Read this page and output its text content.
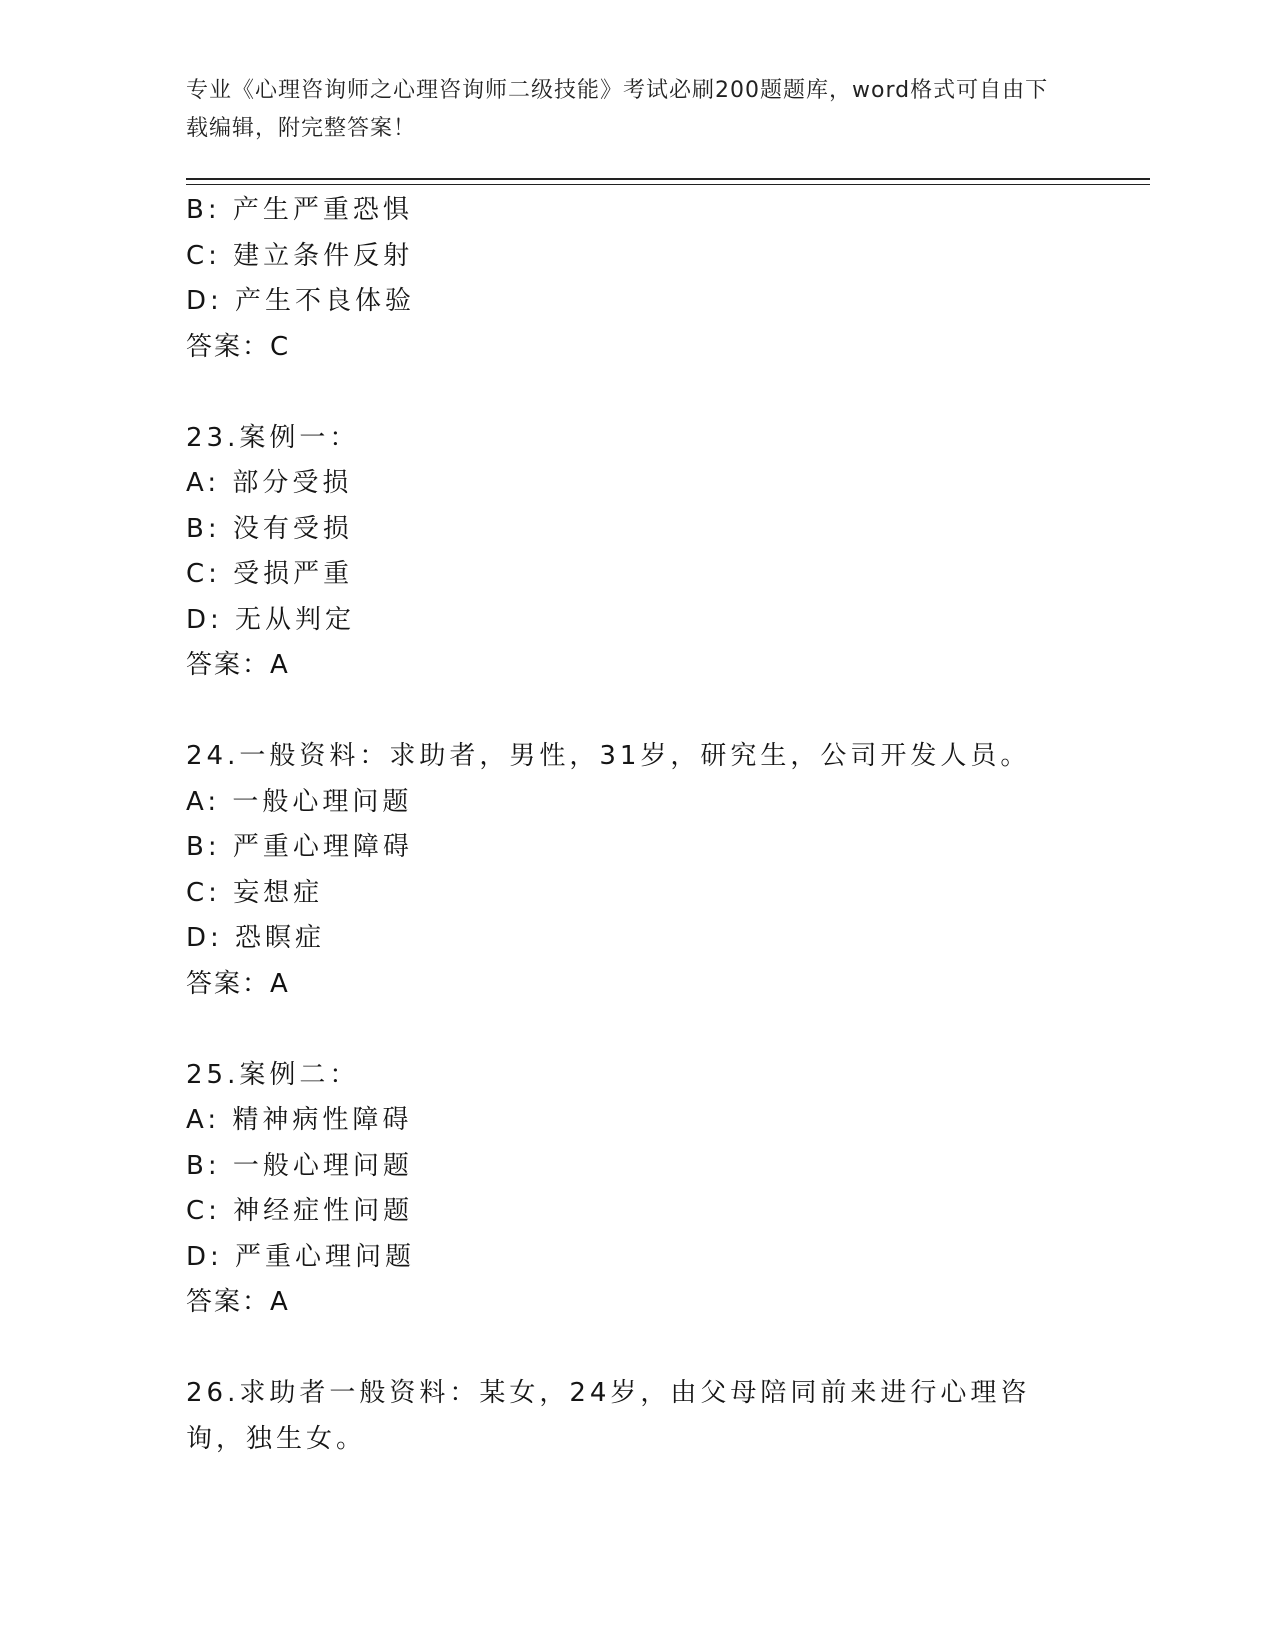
专业《心理咨询师之心理咨询师二级技能》考试必刷200题题库，word格式可自由下载编辑，附完整答案！
B: 产生严重恐惧
C: 建立条件反射
D: 产生不良体验
答案：C
23.案例一：
A: 部分受损
B: 没有受损
C: 受损严重
D: 无从判定
答案：A
24.一般资料：求助者，男性，31岁，研究生，公司开发人员。
A: 一般心理问题
B: 严重心理障碍
C: 妄想症
D: 恐瞑症
答案：A
25.案例二：
A: 精神病性障碍
B: 一般心理问题
C: 神经症性问题
D: 严重心理问题
答案：A
26.求助者一般资料：某女，24岁，由父母陪同前来进行心理咨询，独生女。
